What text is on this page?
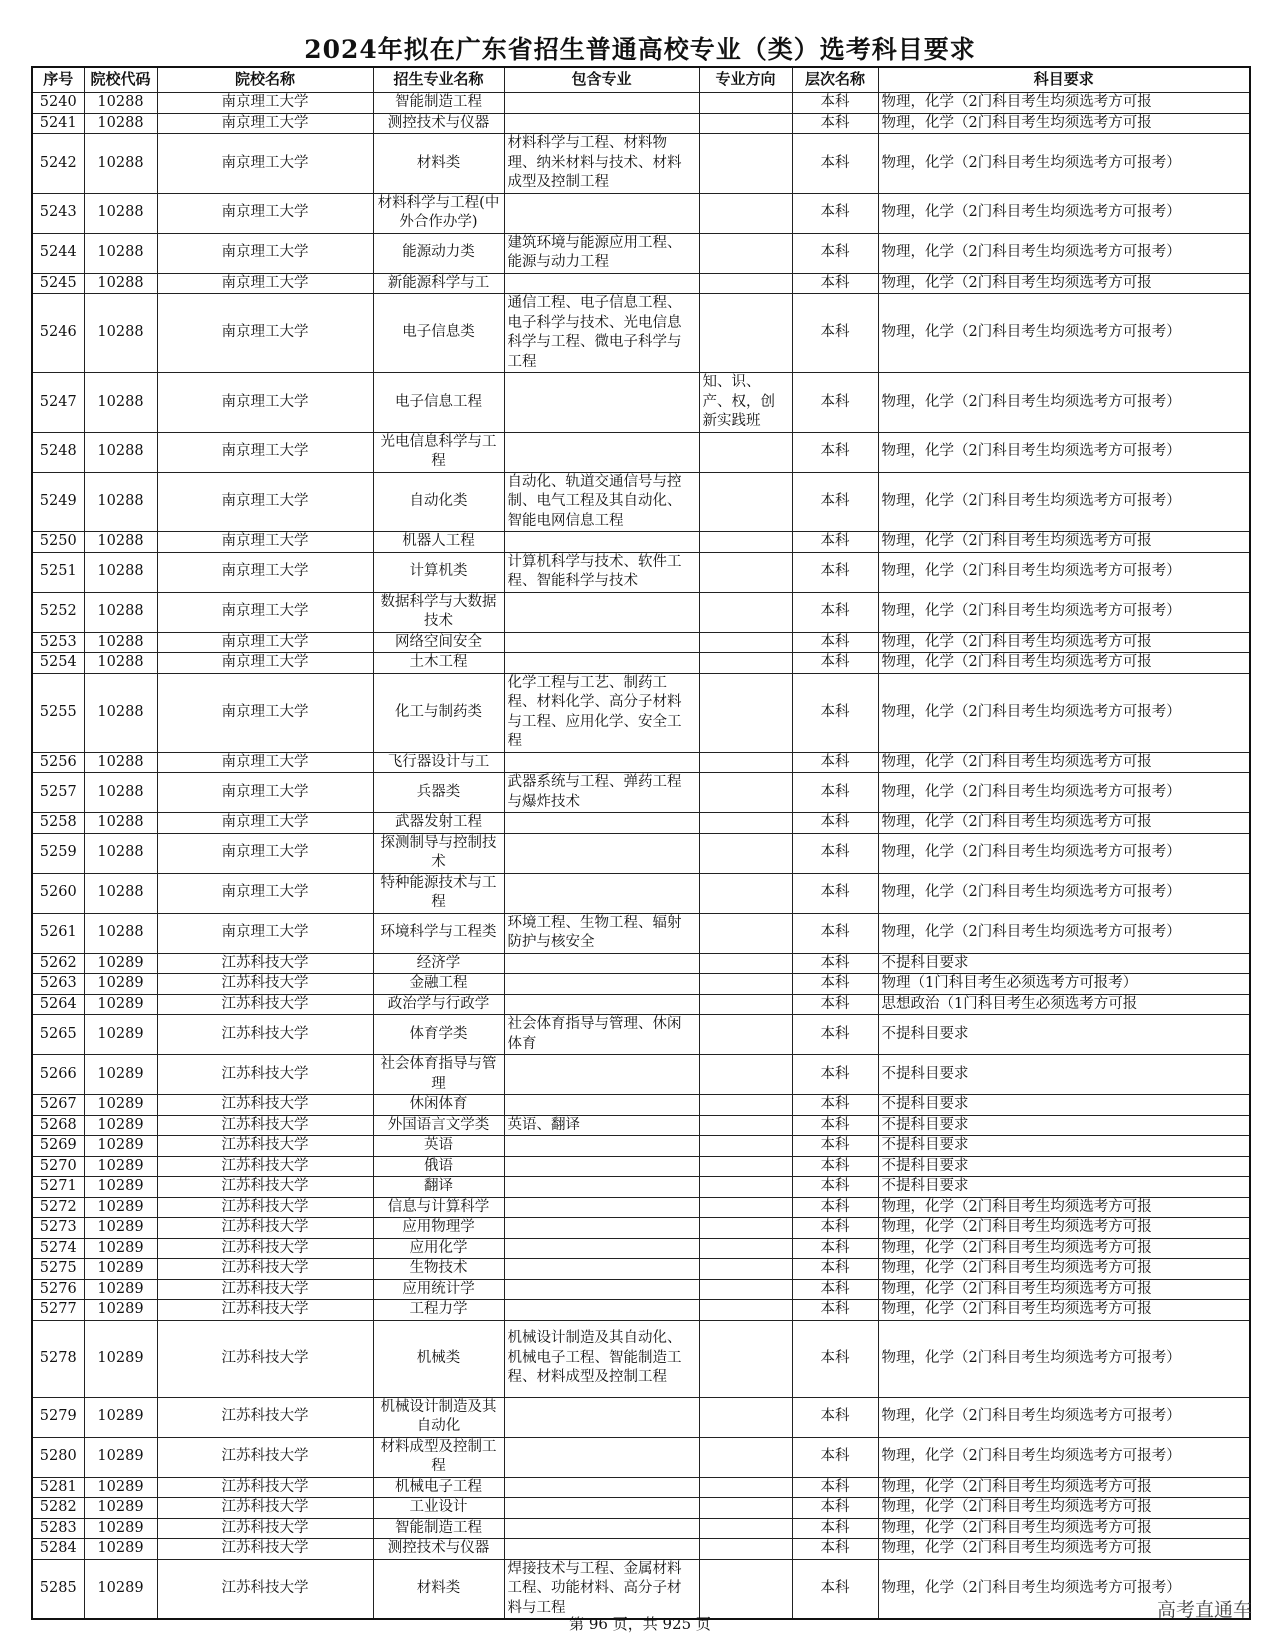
2024年拟在广东省招生普通高校专业（类）选考科目要求
序号	院校代码	院校名称	招生专业名称	包含专业	专业方向	层次名称	科目要求
5240	10288	南京理工大学	智能制造工程			本科	物理，化学（2门科目考生均须选考方可报
5241	10288	南京理工大学	测控技术与仪器			本科	物理，化学（2门科目考生均须选考方可报
5242	10288	南京理工大学	材料类	材料科学与工程、材料物理、纳米材料与技术、材料成型及控制工程		本科	物理，化学（2门科目考生均须选考方可报考）
5243	10288	南京理工大学	材料科学与工程(中外合作办学)			本科	物理，化学（2门科目考生均须选考方可报考）
5244	10288	南京理工大学	能源动力类	建筑环境与能源应用工程、能源与动力工程		本科	物理，化学（2门科目考生均须选考方可报考）
5245	10288	南京理工大学	新能源科学与工			本科	物理，化学（2门科目考生均须选考方可报
5246	10288	南京理工大学	电子信息类	通信工程、电子信息工程、电子科学与技术、光电信息科学与工程、微电子科学与工程		本科	物理，化学（2门科目考生均须选考方可报考）
5247	10288	南京理工大学	电子信息工程		知、识、产、权，创新实践班	本科	物理，化学（2门科目考生均须选考方可报考）
5248	10288	南京理工大学	光电信息科学与工程			本科	物理，化学（2门科目考生均须选考方可报考）
5249	10288	南京理工大学	自动化类	自动化、轨道交通信号与控制、电气工程及其自动化、智能电网信息工程		本科	物理，化学（2门科目考生均须选考方可报考）
5250	10288	南京理工大学	机器人工程			本科	物理，化学（2门科目考生均须选考方可报
5251	10288	南京理工大学	计算机类	计算机科学与技术、软件工程、智能科学与技术		本科	物理，化学（2门科目考生均须选考方可报考）
5252	10288	南京理工大学	数据科学与大数据技术			本科	物理，化学（2门科目考生均须选考方可报考）
5253	10288	南京理工大学	网络空间安全			本科	物理，化学（2门科目考生均须选考方可报
5254	10288	南京理工大学	土木工程			本科	物理，化学（2门科目考生均须选考方可报
5255	10288	南京理工大学	化工与制药类	化学工程与工艺、制药工程、材料化学、高分子材料与工程、应用化学、安全工程		本科	物理，化学（2门科目考生均须选考方可报考）
5256	10288	南京理工大学	飞行器设计与工			本科	物理，化学（2门科目考生均须选考方可报
5257	10288	南京理工大学	兵器类	武器系统与工程、弹药工程与爆炸技术		本科	物理，化学（2门科目考生均须选考方可报考）
5258	10288	南京理工大学	武器发射工程			本科	物理，化学（2门科目考生均须选考方可报
5259	10288	南京理工大学	探测制导与控制技术			本科	物理，化学（2门科目考生均须选考方可报考）
5260	10288	南京理工大学	特种能源技术与工程			本科	物理，化学（2门科目考生均须选考方可报考）
5261	10288	南京理工大学	环境科学与工程类	环境工程、生物工程、辐射防护与核安全		本科	物理，化学（2门科目考生均须选考方可报考）
5262	10289	江苏科技大学	经济学			本科	不提科目要求
5263	10289	江苏科技大学	金融工程			本科	物理（1门科目考生必须选考方可报考）
5264	10289	江苏科技大学	政治学与行政学			本科	思想政治（1门科目考生必须选考方可报
5265	10289	江苏科技大学	体育学类	社会体育指导与管理、休闲体育		本科	不提科目要求
5266	10289	江苏科技大学	社会体育指导与管理			本科	不提科目要求
5267	10289	江苏科技大学	休闲体育			本科	不提科目要求
5268	10289	江苏科技大学	外国语言文学类	英语、翻译		本科	不提科目要求
5269	10289	江苏科技大学	英语			本科	不提科目要求
5270	10289	江苏科技大学	俄语			本科	不提科目要求
5271	10289	江苏科技大学	翻译			本科	不提科目要求
5272	10289	江苏科技大学	信息与计算科学			本科	物理，化学（2门科目考生均须选考方可报
5273	10289	江苏科技大学	应用物理学			本科	物理，化学（2门科目考生均须选考方可报
5274	10289	江苏科技大学	应用化学			本科	物理，化学（2门科目考生均须选考方可报
5275	10289	江苏科技大学	生物技术			本科	物理，化学（2门科目考生均须选考方可报
5276	10289	江苏科技大学	应用统计学			本科	物理，化学（2门科目考生均须选考方可报
5277	10289	江苏科技大学	工程力学			本科	物理，化学（2门科目考生均须选考方可报
5278	10289	江苏科技大学	机械类	机械设计制造及其自动化、机械电子工程、智能制造工程、材料成型及控制工程		本科	物理，化学（2门科目考生均须选考方可报考）
5279	10289	江苏科技大学	机械设计制造及其自动化			本科	物理，化学（2门科目考生均须选考方可报考）
5280	10289	江苏科技大学	材料成型及控制工程			本科	物理，化学（2门科目考生均须选考方可报考）
5281	10289	江苏科技大学	机械电子工程			本科	物理，化学（2门科目考生均须选考方可报
5282	10289	江苏科技大学	工业设计			本科	物理，化学（2门科目考生均须选考方可报
5283	10289	江苏科技大学	智能制造工程			本科	物理，化学（2门科目考生均须选考方可报
5284	10289	江苏科技大学	测控技术与仪器			本科	物理，化学（2门科目考生均须选考方可报
5285	10289	江苏科技大学	材料类	焊接技术与工程、金属材料工程、功能材料、高分子材料与工程		本科	物理，化学（2门科目考生均须选考方可报考）
第 96 页，共 925 页
高考直通车
